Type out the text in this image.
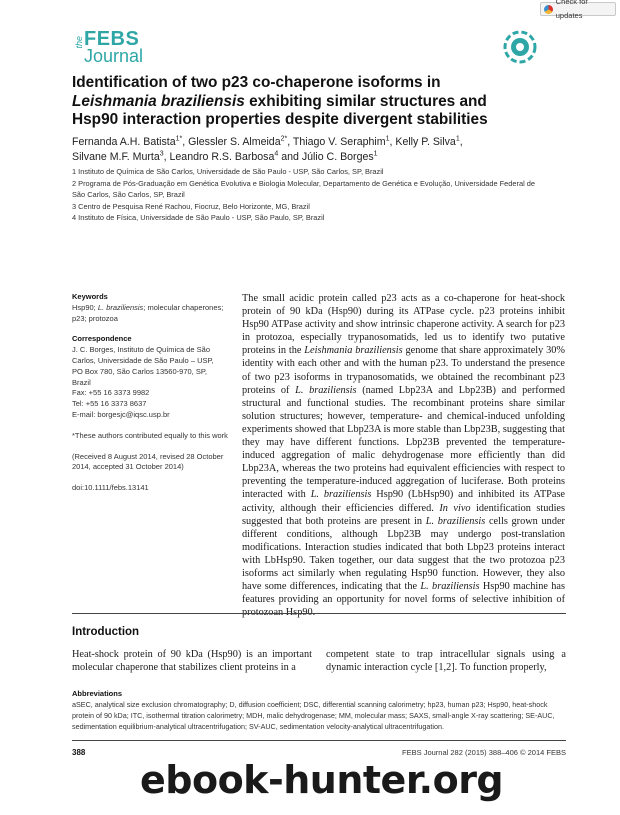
Check for updates
the FEBS
Journal
Identification of two p23 co-chaperone isoforms in
Leishmania braziliensis exhibiting similar structures and
Hsp90 interaction properties despite divergent stabilities
Fernanda A.H. Batista$^{1*}$, Glessler S. Almeida$^{2*}$, Thiago V. Seraphim$^1$, Kelly P. Silva$^1$,
Silvane M.F. Murta$^3$, Leandro R.S. Barbosa$^4$ and Júlio C. Borges$^1$

1 Instituto de Química de São Carlos, Universidade de São Paulo - USP, São Carlos, SP, Brazil

2 Programa de Pós-Graduação em Genética Evolutiva e Biologia Molecular, Departamento de Genética e Evolução, Universidade Federal de

São Carlos, São Carlos, SP, Brazil

3 Centro de Pesquisa René Rachou, Fiocruz, Belo Horizonte, MG, Brazil

4 Instituto de Física, Universidade de São Paulo - USP, São Paulo, SP, Brazil

Keywords

Hsp90; L. braziliensis; molecular chaperones; p23; protozoa

Correspondence

J. C. Borges, Instituto de Química de São

Carlos, Universidade de São Paulo – USP,

PO Box 780, São Carlos 13560-970, SP,

Brazil

Fax: +55 16 3373 9982

Tel: +55 16 3373 8637

E-mail: borgesjc@iqsc.usp.br

*These authors contributed equally to this work

(Received 8 August 2014, revised 28 October 2014, accepted 31 October 2014)

doi:10.1111/febs.13141

The small acidic protein called p23 acts as a co-chaperone for heat-shock protein of 90 kDa (Hsp90) during its ATPase cycle. p23 proteins inhibit Hsp90 ATPase activity and show intrinsic chaperone activity. A search for p23 in protozoa, especially trypanosomatids, led us to identify two putative proteins in the Leishmania braziliensis genome that share approximately 30% identity with each other and with the human p23. To understand the presence of two p23 isoforms in trypanosomatids, we obtained the recombinant p23 proteins of L. braziliensis (named Lbp23A and Lbp23B) and performed structural and functional studies. The recombinant proteins share similar solution structures; however, temperature- and chemical-induced unfolding experiments showed that Lbp23A is more stable than Lbp23B, suggesting that they may have different functions. Lbp23B prevented the temperature-induced aggregation of malic dehydrogenase more efficiently than did Lbp23A, whereas the two proteins had equivalent efficiencies with respect to preventing the temperature-induced aggregation of luciferase. Both proteins interacted with L. braziliensis Hsp90 (LbHsp90) and inhibited its ATPase activity, although their efficiencies differed. In vivo identification studies suggested that both proteins are present in L. braziliensis cells grown under different conditions, although Lbp23B may undergo post-translation modifications. Interaction studies indicated that both Lbp23 proteins interact with LbHsp90. Taken together, our data suggest that the two protozoa p23 isoforms act similarly when regulating Hsp90 function. However, they also have some differences, indicating that the L. braziliensis Hsp90 machine has features providing an opportunity for novel forms of selective inhibition of protozoan Hsp90.
Introduction
Heat-shock protein of 90 kDa (Hsp90) is an important molecular chaperone that stabilizes client proteins in a
competent state to trap intracellular signals using a dynamic interaction cycle [1,2]. To function properly,
Abbreviations
aSEC, analytical size exclusion chromatography; D, diffusion coefficient; DSC, differential scanning calorimetry; hp23, human p23; Hsp90, heat-shock protein of 90 kDa; ITC, isothermal titration calorimetry; MDH, malic dehydrogenase; MM, molecular mass; SAXS, small-angle X-ray scattering; SE-AUC, sedimentation equilibrium-analytical ultracentrifugation; SV-AUC, sedimentation velocity-analytical ultracentrifugation.
388	FEBS Journal 282 (2015) 388–406 © 2014 FEBS
ebook-hunter.org
